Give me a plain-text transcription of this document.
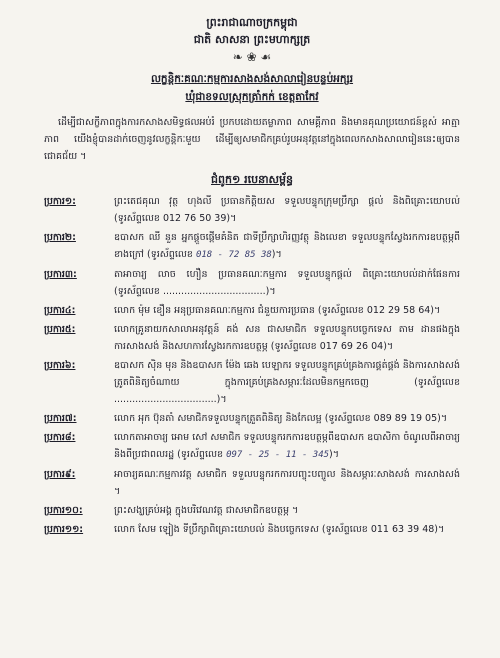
ព្រះរាជាណាចក្រកម្ពុជា
ជាតិ សាសនា ព្រះមហាក្សត្រ
❧ ❀ ☙
លក្ខន្តិកៈគណៈកម្មការសាងសង់សាលារៀនបន្ទប់អក្សរ
ឃុំជាខទលស្រុកត្រាំកក់ ខេត្តតាកែវ
ដើម្បីជាសក្ខីភាពក្នុងការកសាងសមិទ្ធផលអប់រំ ប្រកបដោយតម្លាភាព សាមគ្គីភាព និងមានគុណប្រយោជន៍ខ្ពស់ អាត្មាភាព យើងខ្ញុំបានដាក់ចេញនូវលក្ខន្តិកៈមួយ ដើម្បីឲ្យសមាជិកគ្រប់រូបអនុវត្តនៅក្នុងពេលកសាងសាលារៀននេះឲ្យបានជោគជ័យ ។
ជំពូក១ របេនាសម្ព័ន្ធ
ប្រការ១:	ព្រះតេជគុណ វុត្ថ ហុងលី ប្រធានកិត្តិយស ទទួលបន្ទុកក្រុមប្រឹក្សា ផ្តល់ និងពិគ្រោះយោបល់ (ទូរស័ព្ទលេខ 012 76 50 39)។
ប្រការ២:	ឧបាសក ឈី នួន អ្នកផ្តួចផ្តើមគំនិត ជាទីប្រឹក្សាហិរញ្ញវត្ថុ និងលេខា ទទួលបន្ទុកស្វែងរកការឧបត្ថម្ភពីខាងក្រៅ (ទូរស័ព្ទលេខ 018 - 72 85 38)។
ប្រការ៣:	តាអាចារ្យ លាច ហឿន ប្រធានគណៈកម្មការ ទទួលបន្ទុកផ្តល់ ពិគ្រោះយោបល់ដាក់ផែនការ (ទូរស័ព្ទលេខ ..................................)។
ប្រការ៤:	លោក ម៉ុម ខឿន អនុប្រធានគណៈកម្មការ ជំនួយការប្រធាន (ទូរស័ព្ទលេខ 012 29 58 64)។
ប្រការ៥:	លោកគ្រូនាយកសាលាអនុវត្តន៍ គង់ សន ជាសមាជិក ទទួលបន្ទុកបច្ចេកទេស តាម ដានផងក្នុងការសាងសង់ និងសហការស្វែងរកការឧបត្ថម្ភ (ទូរស័ព្ទលេខ 017 69 26 04)។
ប្រការ៦:	ឧបាសក ស៊ិន មុន និងឧបាសក ម៉ែង ឆេង បេឡាករ ទទួលបន្ទុកគ្រប់គ្រងការផ្គត់ផ្គង់ និងការសាងសង់ ត្រូតពិនិត្យចំណាយ ក្នុងការគ្រប់គ្រងសម្ភារៈដែលមិនកម្មកចេញ (ទូរស័ព្ទលេខ ..................................)។
ប្រការ៧:	លោក អុក ប៊ុនតាំ សមាជិកទទួលបន្ទុកត្រួតពិនិត្យ និងកែលម្អ (ទូរស័ព្ទលេខ 089 89 19 05)។
ប្រការ៨:	លោកតាអាចារ្យ អោម សៅ សមាជិក ទទួលបន្ទុករកការឧបត្ថម្ភពីឧបាសក ឧបាសិកា ចំណូលពីអាចារ្យ និងពីប្រជាពលរដ្ឋ (ទូរស័ព្ទលេខ 097 - 25 - 11 - 345)។
ប្រការ៩:	អាចារ្យគណៈកម្មការវត្ត សមាជិក ទទួលបន្ទុករកការបញ្ចុះបញ្ចូល និងសម្ភារៈសាងសង់ ការសាងសង់ ។
ប្រការ១០:	ព្រះសង្ឃគ្រប់អង្គ ក្នុងបរិវេណវត្ត ជាសមាជិកឧបត្ថម្ភ ។
ប្រការ១១:	លោក សែម ឡៀង ទីប្រឹក្សាពិគ្រោះយោបល់ និងបច្ចេកទេស (ទូរស័ព្ទលេខ 011 63 39 48)។
